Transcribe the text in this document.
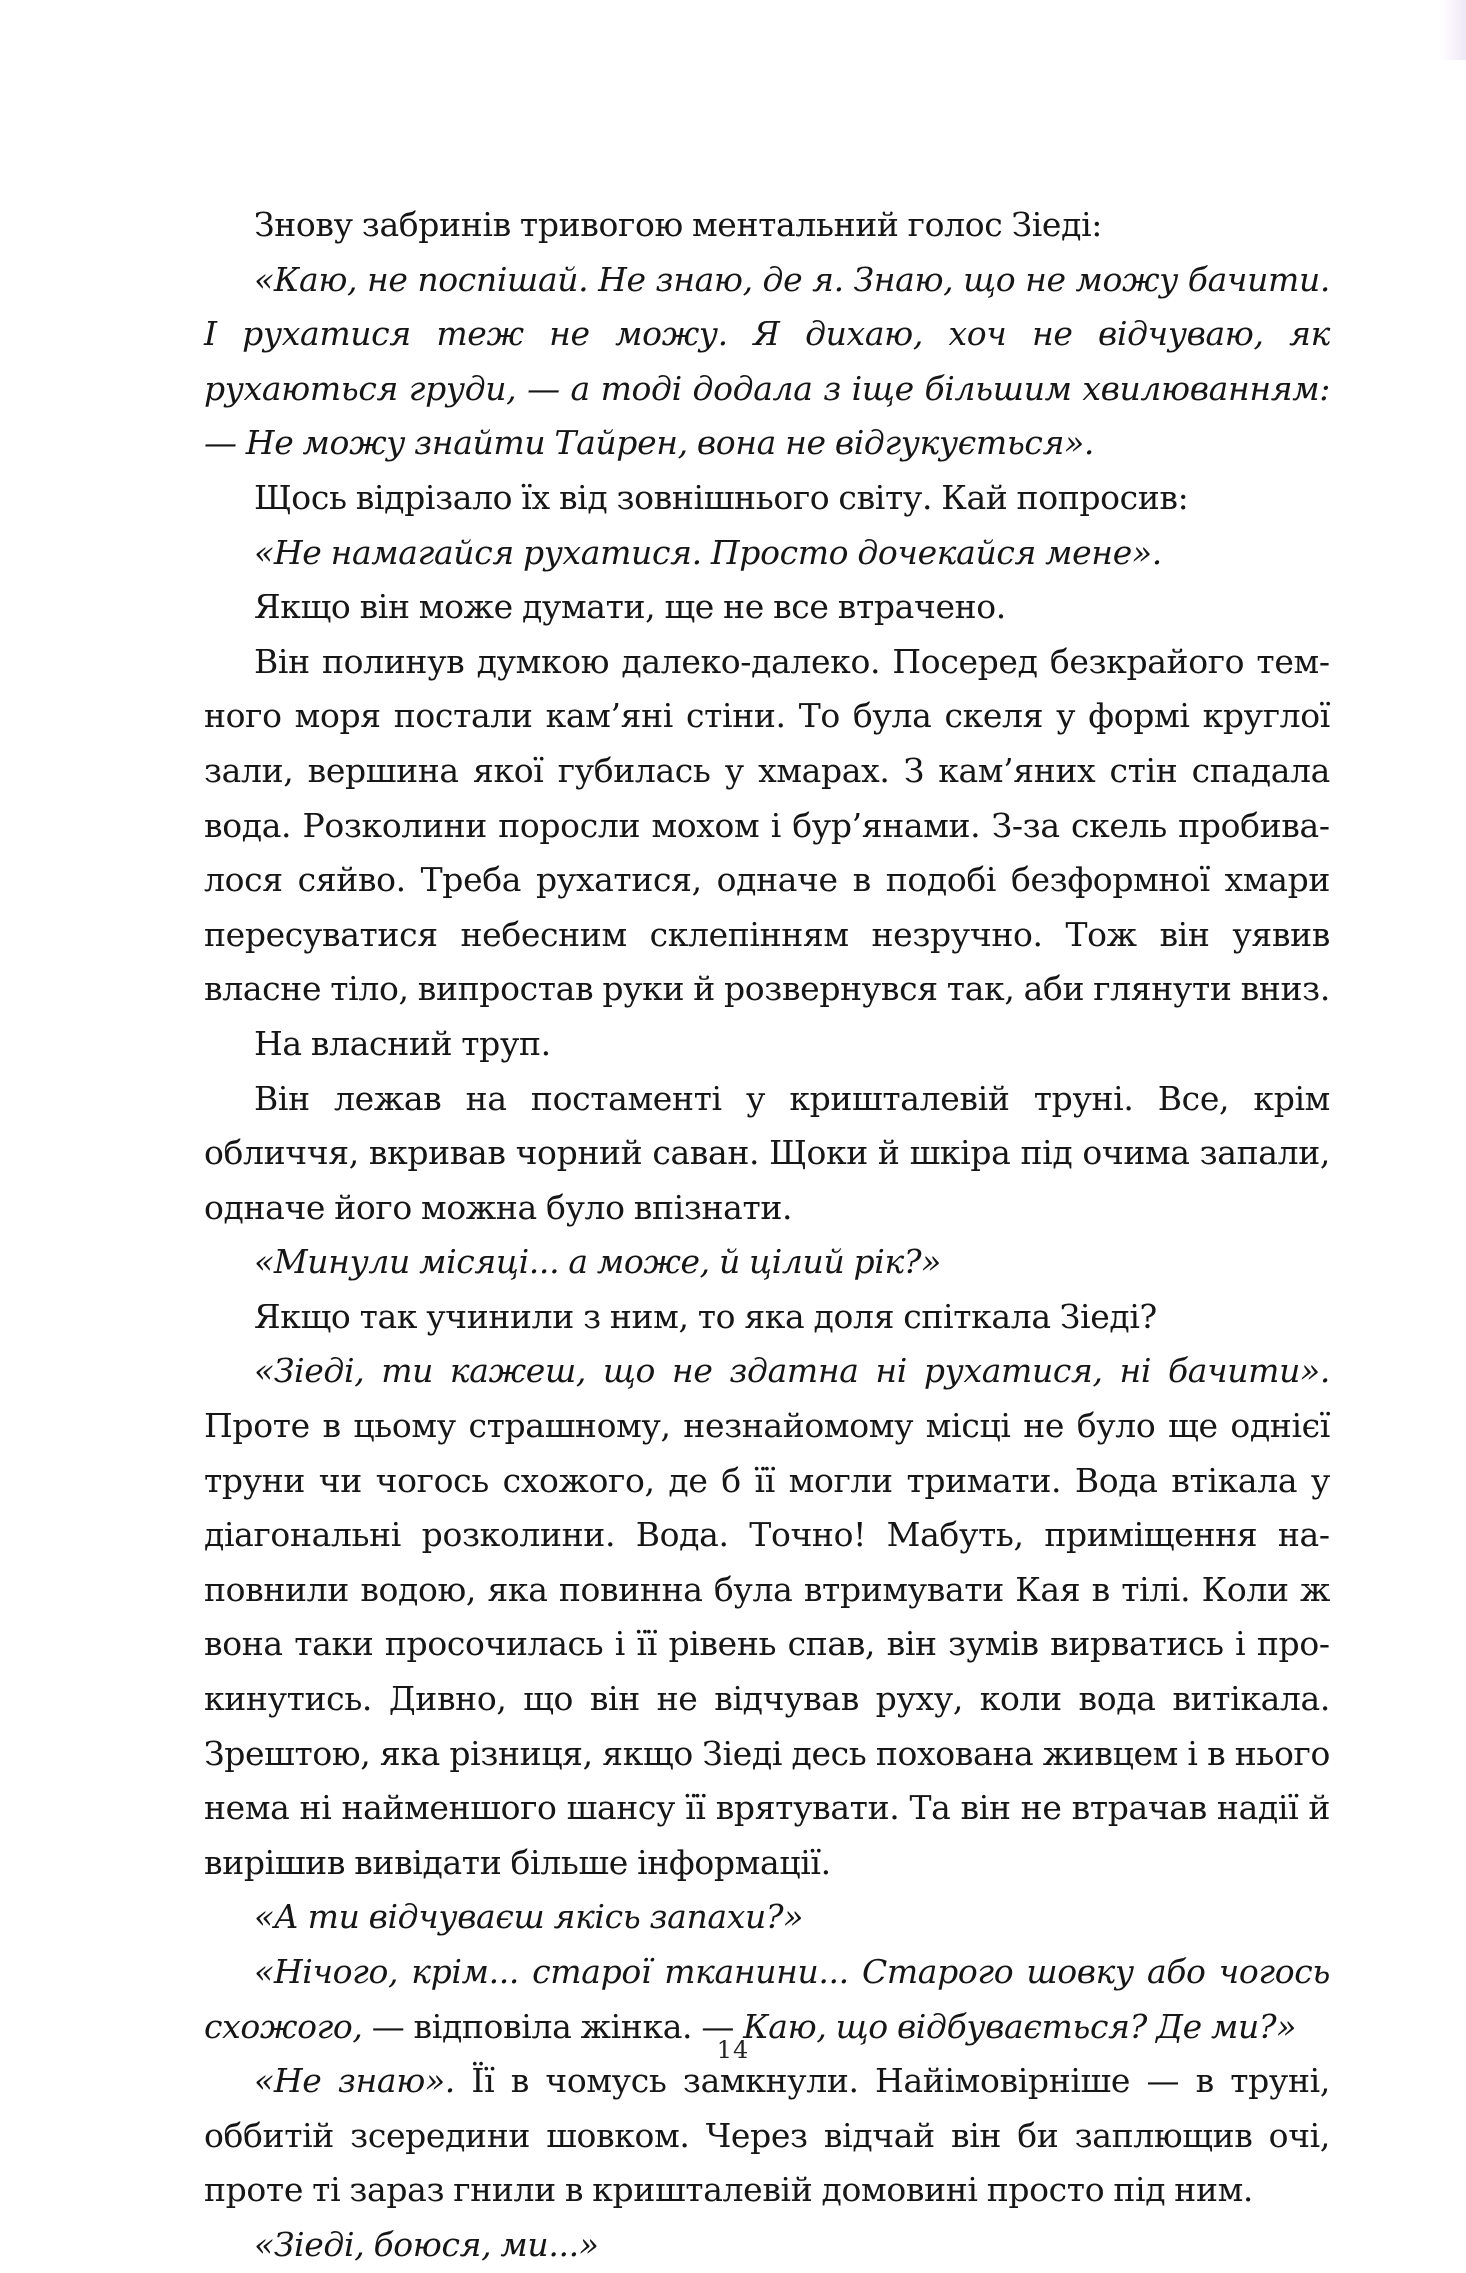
Знову забринів тривогою ментальний голос Зіеді:

«Каю, не поспішай. Не знаю, де я. Знаю, що не можу бачити. І рухатися теж не можу. Я дихаю, хоч не відчуваю, як рухаються груди, — а тоді додала з іще більшим хвилюванням: — Не можу знайти Тайрен, вона не відгукується».

Щось відрізало їх від зовнішнього світу. Кай попросив:

«Не намагайся рухатися. Просто дочекайся мене».

Якщо він може думати, ще не все втрачено.

Він полинув думкою далеко-далеко. Посеред безкрайого темного моря постали кам’яні стіни. То була скеля у формі круглої зали, вершина якої губилась у хмарах. З кам’яних стін спадала вода. Розколини поросли мохом і бур’янами. З-за скель пробивалося сяйво. Треба рухатися, одначе в подобі безформної хмари пересуватися небесним склепінням незручно. Тож він уявив власне тіло, випростав руки й розвернувся так, аби глянути вниз.

На власний труп.

Він лежав на постаменті у кришталевій труні. Все, крім обличчя, вкривав чорний саван. Щоки й шкіра під очима запали, одначе його можна було впізнати.

«Минули місяці... а може, й цілий рік?»

Якщо так учинили з ним, то яка доля спіткала Зіеді?

«Зіеді, ти кажеш, що не здатна ні рухатися, ні бачити». Проте в цьому страшному, незнайомому місці не було ще однієї труни чи чогось схожого, де б її могли тримати. Вода втікала у діагональні розколини. Вода. Точно! Мабуть, приміщення наповнили водою, яка повинна була втримувати Кая в тілі. Коли ж вона таки просочилась і її рівень спав, він зумів вирватись і прокинутись. Дивно, що він не відчував руху, коли вода витікала. Зрештою, яка різниця, якщо Зіеді десь похована живцем і в нього нема ні найменшого шансу її врятувати. Та він не втрачав надії й вирішив вивідати більше інформації.

«А ти відчуваєш якісь запахи?»

«Нічого, крім... старої тканини... Старого шовку або чогось схожого, — відповіла жінка. — Каю, що відбувається? Де ми?»

«Не знаю». Її в чомусь замкнули. Найімовірніше — в труні, оббитій зсередини шовком. Через відчай він би заплющив очі, проте ті зараз гнили в кришталевій домовині просто під ним.

«Зіеді, боюся, ми...»

14
